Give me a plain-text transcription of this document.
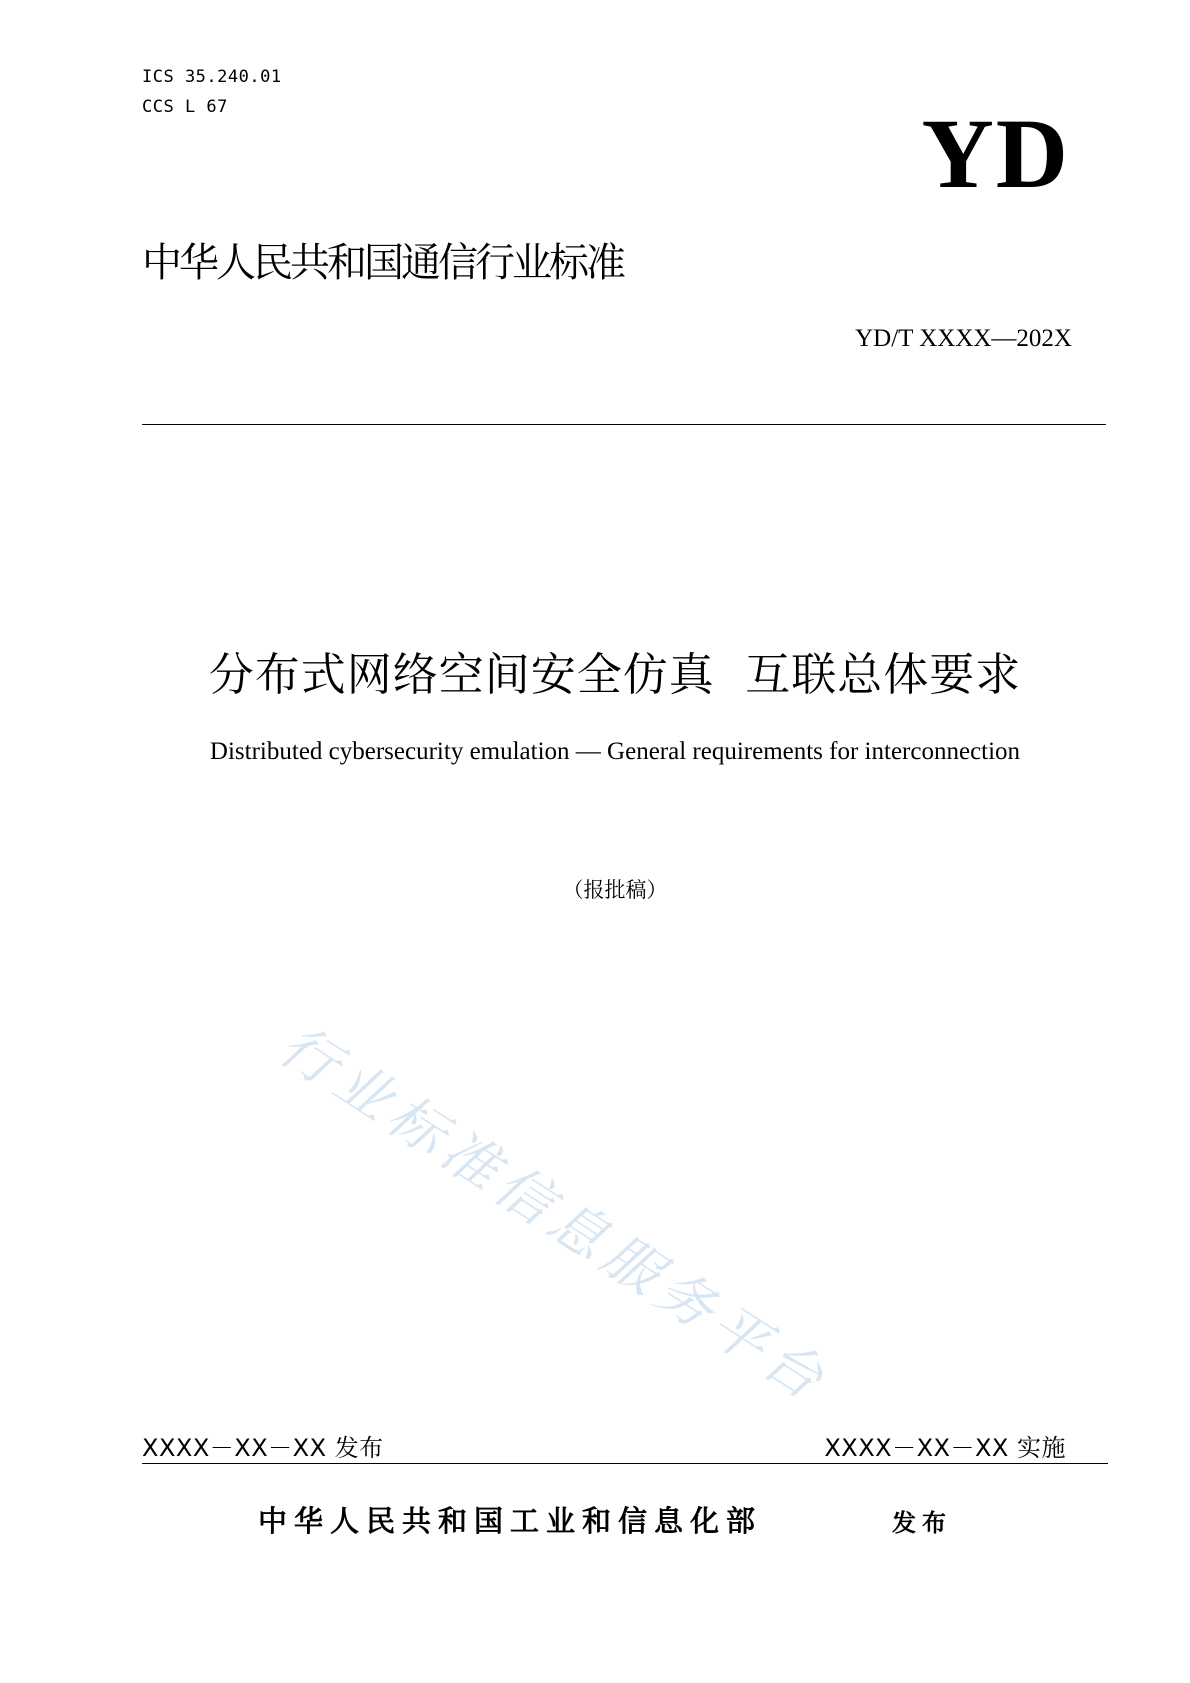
ICS 35.240.01
CCS L 67	YD
中华人民共和国通信行业标准
YD/T XXXX—202X
分布式网络空间安全仿真  互联总体要求
Distributed cybersecurity emulation — General requirements for interconnection
（报批稿）
行业标准信息服务平台
XXXX－XX－XX 发布	XXXX－XX－XX 实施
中华人民共和国工业和信息化部	发布
